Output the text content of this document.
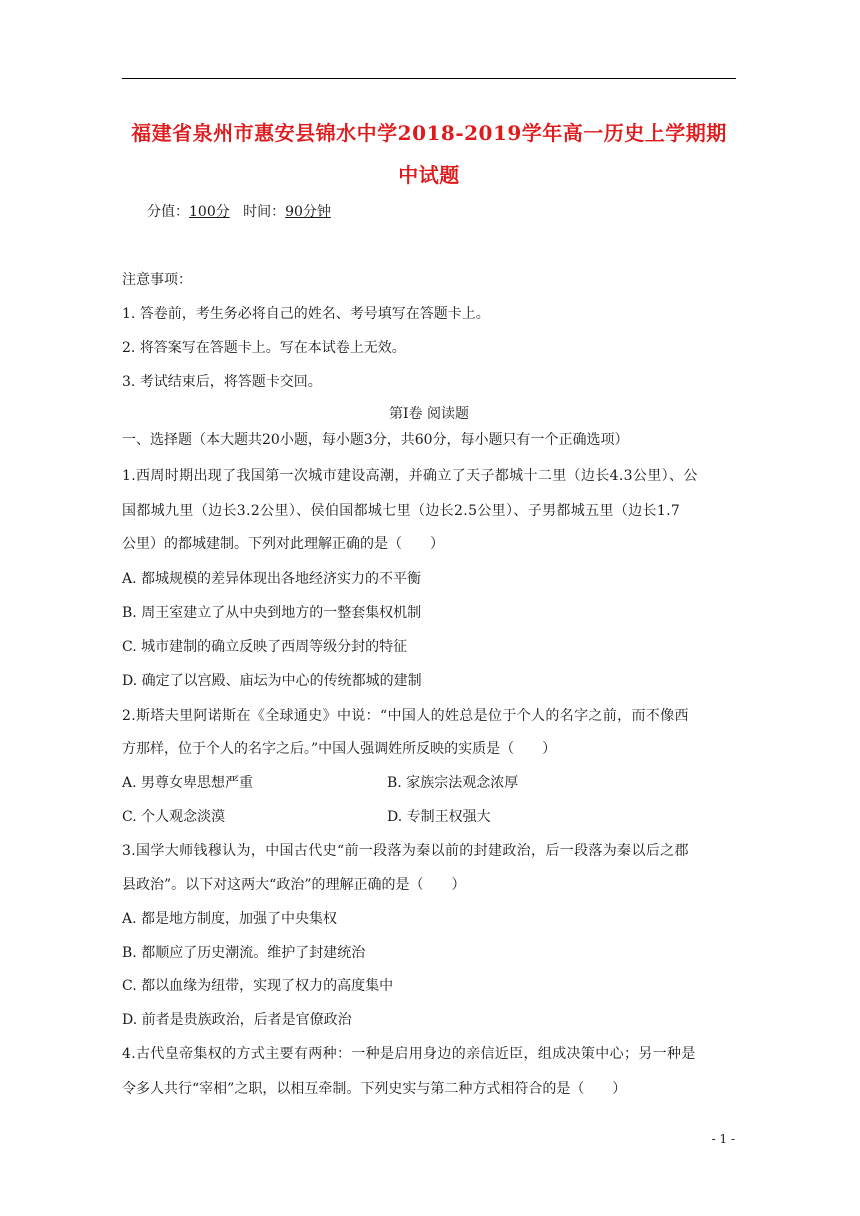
福建省泉州市惠安县锦水中学2018-2019学年高一历史上学期期中试题
分值：100分 时间：90分钟
注意事项：
1. 答卷前，考生务必将自己的姓名、考号填写在答题卡上。
2. 将答案写在答题卡上。写在本试卷上无效。
3. 考试结束后，将答题卡交回。
第Ⅰ卷 阅读题
一、选择题（本大题共20小题，每小题3分，共60分，每小题只有一个正确选项）
1.西周时期出现了我国第一次城市建设高潮，并确立了天子都城十二里（边长4.3公里）、公
国都城九里（边长3.2公里）、侯伯国都城七里（边长2.5公里）、子男都城五里（边长1.7
公里）的都城建制。下列对此理解正确的是（　　）
A. 都城规模的差异体现出各地经济实力的不平衡
B. 周王室建立了从中央到地方的一整套集权机制
C. 城市建制的确立反映了西周等级分封的特征
D. 确定了以宫殿、庙坛为中心的传统都城的建制
2.斯塔夫里阿诺斯在《全球通史》中说：“中国人的姓总是位于个人的名字之前，而不像西
方那样，位于个人的名字之后。”中国人强调姓所反映的实质是（　　）
A. 男尊女卑思想严重	B. 家族宗法观念浓厚
C. 个人观念淡漠	D. 专制王权强大
3.国学大师钱穆认为，中国古代史“前一段落为秦以前的封建政治，后一段落为秦以后之郡
县政治”。以下对这两大“政治”的理解正确的是（　　）
A. 都是地方制度，加强了中央集权
B. 都顺应了历史潮流。维护了封建统治
C. 都以血缘为纽带，实现了权力的高度集中
D. 前者是贵族政治，后者是官僚政治
4.古代皇帝集权的方式主要有两种：一种是启用身边的亲信近臣，组成决策中心；另一种是
令多人共行“宰相”之职，以相互牵制。下列史实与第二种方式相符合的是（　　）
- 1 -
